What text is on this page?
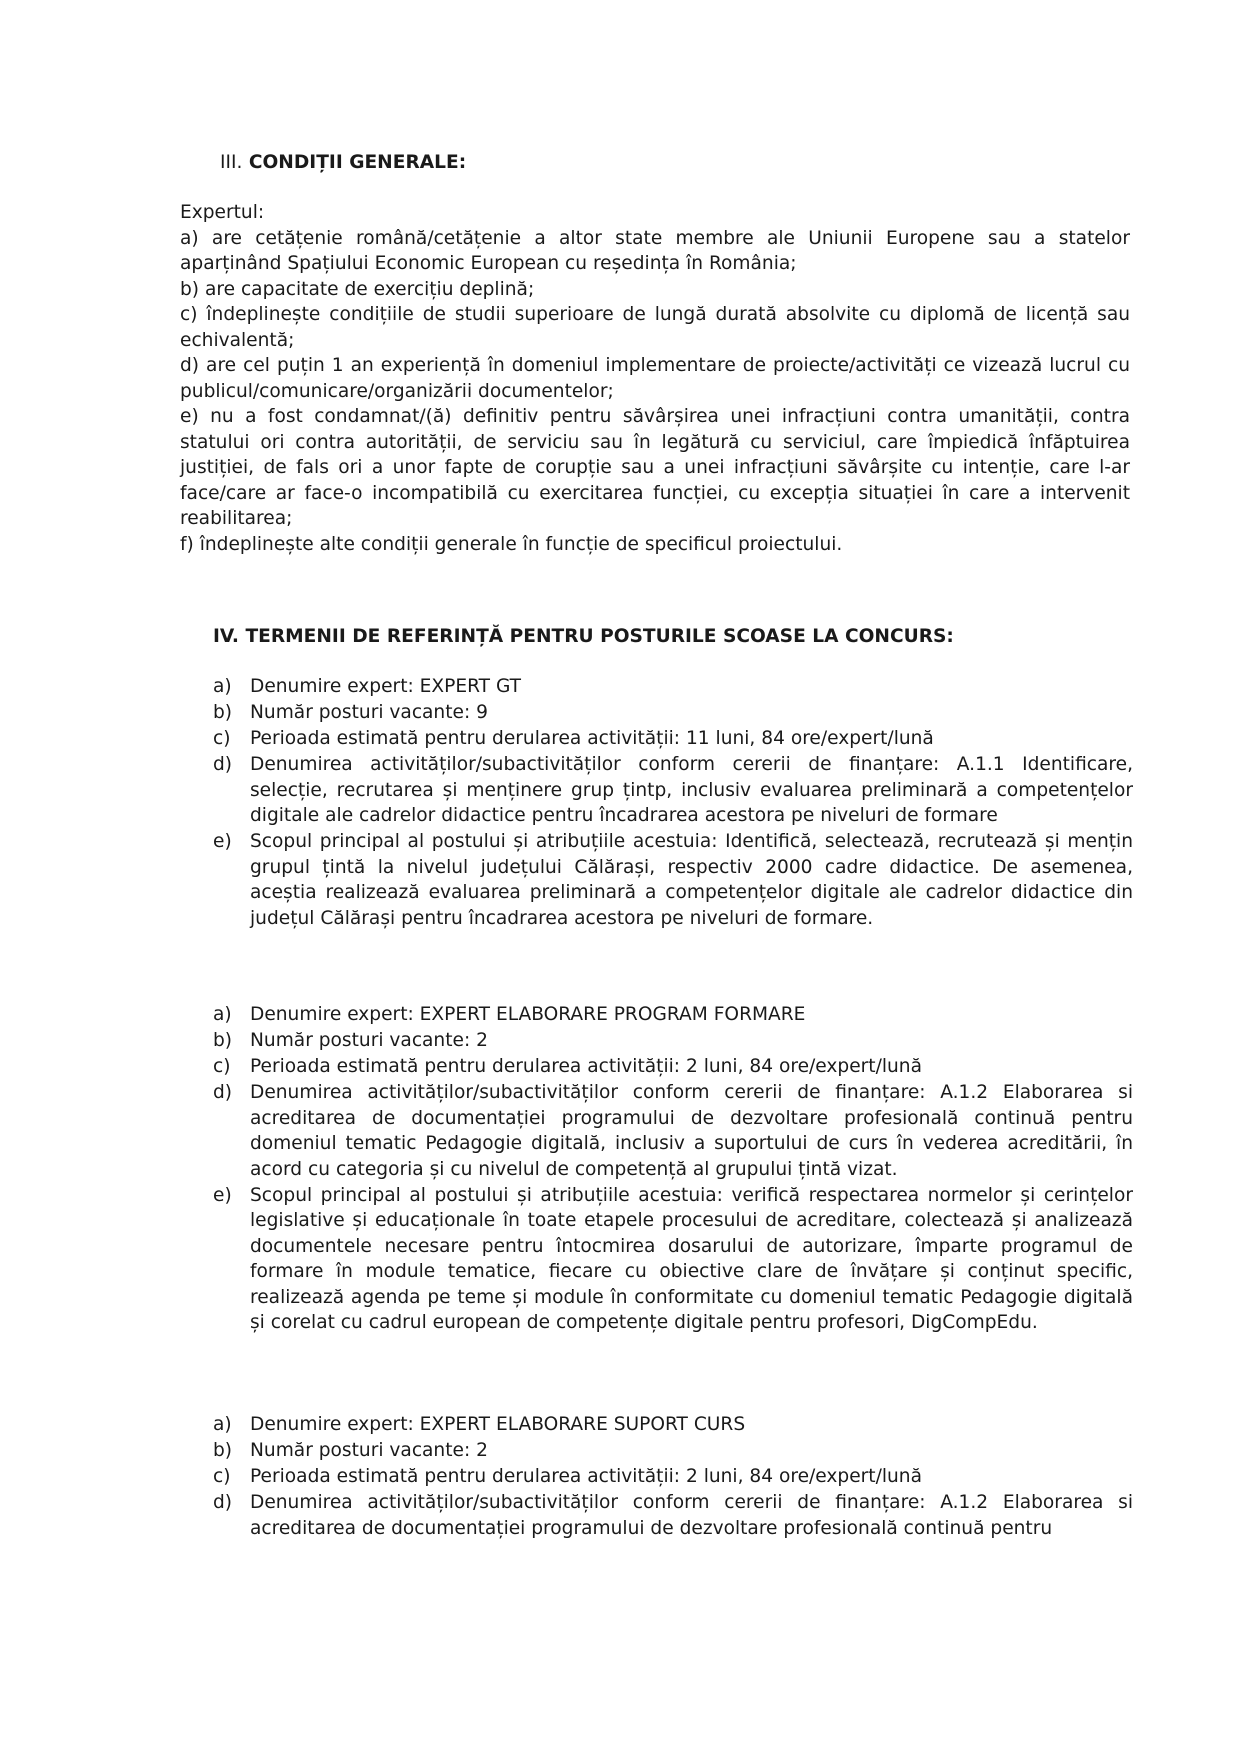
III. CONDIȚII GENERALE:

Expertul:

a) are cetățenie română/cetățenie a altor state membre ale Uniunii Europene sau a statelor aparținând Spațiului Economic European cu reședința în România;

b) are capacitate de exercițiu deplină;

c) îndeplinește condițiile de studii superioare de lungă durată absolvite cu diplomă de licență sau echivalentă;

d) are cel puțin 1 an experiență în domeniul implementare de proiecte/activități ce vizează lucrul cu publicul/comunicare/organizării documentelor;

e) nu a fost condamnat/(ă) definitiv pentru săvârșirea unei infracțiuni contra umanității, contra statului ori contra autorității, de serviciu sau în legătură cu serviciul, care împiedică înfăptuirea justiției, de fals ori a unor fapte de corupție sau a unei infracțiuni săvârșite cu intenție, care l-ar face/care ar face-o incompatibilă cu exercitarea funcției, cu excepția situației în care a intervenit reabilitarea;

f) îndeplinește alte condiții generale în funcție de specificul proiectului.

IV. TERMENII DE REFERINȚĂ PENTRU POSTURILE SCOASE LA CONCURS:
a) Denumire expert: EXPERT GT
b) Număr posturi vacante: 9
c) Perioada estimată pentru derularea activității: 11 luni, 84 ore/expert/lună
d) Denumirea activităților/subactivităților conform cererii de finanțare: A.1.1 Identificare, selecție, recrutarea și menținere grup țintp, inclusiv evaluarea preliminară a competențelor digitale ale cadrelor didactice pentru încadrarea acestora pe niveluri de formare
e) Scopul principal al postului și atribuțiile acestuia: Identifică, selectează, recrutează și mențin grupul țintă la nivelul județului Călărași, respectiv 2000 cadre didactice. De asemenea, aceștia realizează evaluarea preliminară a competențelor digitale ale cadrelor didactice din județul Călărași pentru încadrarea acestora pe niveluri de formare.
a) Denumire expert: EXPERT ELABORARE PROGRAM FORMARE
b) Număr posturi vacante: 2
c) Perioada estimată pentru derularea activității: 2 luni, 84 ore/expert/lună
d) Denumirea activităților/subactivităților conform cererii de finanțare: A.1.2 Elaborarea si acreditarea de documentației programului de dezvoltare profesională continuă pentru domeniul tematic Pedagogie digitală, inclusiv a suportului de curs în vederea acreditării, în acord cu categoria și cu nivelul de competență al grupului țintă vizat.
e) Scopul principal al postului și atribuțiile acestuia: verifică respectarea normelor și cerințelor legislative și educaționale în toate etapele procesului de acreditare, colectează și analizează documentele necesare pentru întocmirea dosarului de autorizare, împarte programul de formare în module tematice, fiecare cu obiective clare de învățare și conținut specific, realizează agenda pe teme și module în conformitate cu domeniul tematic Pedagogie digitală și corelat cu cadrul european de competențe digitale pentru profesori, DigCompEdu.
a) Denumire expert: EXPERT ELABORARE SUPORT CURS
b) Număr posturi vacante: 2
c) Perioada estimată pentru derularea activității: 2 luni, 84 ore/expert/lună
d) Denumirea activităților/subactivităților conform cererii de finanțare: A.1.2 Elaborarea si acreditarea de documentației programului de dezvoltare profesională continuă pentru
